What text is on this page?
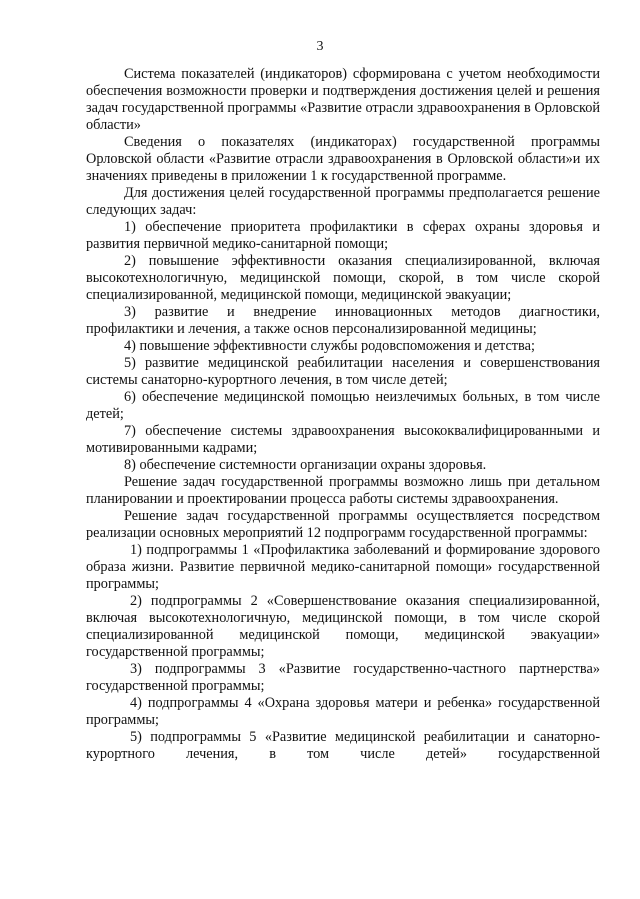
3

Система показателей (индикаторов) сформирована с учетом необходимости обеспечения возможности проверки и подтверждения достижения целей и решения задач государственной программы «Развитие отрасли здравоохранения в Орловской области»

Сведения о показателях (индикаторах) государственной программы Орловской области «Развитие отрасли здравоохранения в Орловской области»и их значениях приведены в приложении 1 к государственной программе.

Для достижения целей государственной программы предполагается решение следующих задач:

1) обеспечение приоритета профилактики в сферах охраны здоровья и развития первичной медико-санитарной помощи;

2) повышение эффективности оказания специализированной, включая высокотехнологичную, медицинской помощи, скорой, в том числе скорой специализированной, медицинской помощи, медицинской эвакуации;

3) развитие и внедрение инновационных методов диагностики, профилактики и лечения, а также основ персонализированной медицины;

4) повышение эффективности службы родовспоможения и детства;

5) развитие медицинской реабилитации населения и совершенствования системы санаторно-курортного лечения, в том числе детей;

6) обеспечение медицинской помощью неизлечимых больных, в том числе детей;

7) обеспечение системы здравоохранения высококвалифицированными и мотивированными кадрами;

8) обеспечение системности организации охраны здоровья.

Решение задач государственной программы возможно лишь при детальном планировании и проектировании процесса работы системы здравоохранения.

Решение задач государственной программы осуществляется посредством реализации основных мероприятий 12 подпрограмм государственной программы:

1) подпрограммы 1 «Профилактика заболеваний и формирование здорового образа жизни. Развитие первичной медико-санитарной помощи» государственной программы;

2) подпрограммы 2 «Совершенствование оказания специализированной, включая высокотехнологичную, медицинской помощи, в том числе скорой специализированной медицинской помощи, медицинской эвакуации» государственной программы;

3) подпрограммы 3 «Развитие государственно-частного партнерства» государственной программы;

4) подпрограммы 4 «Охрана здоровья матери и ребенка» государственной программы;

5) подпрограммы 5 «Развитие медицинской реабилитации и санаторно-курортного лечения, в том числе детей» государственной
